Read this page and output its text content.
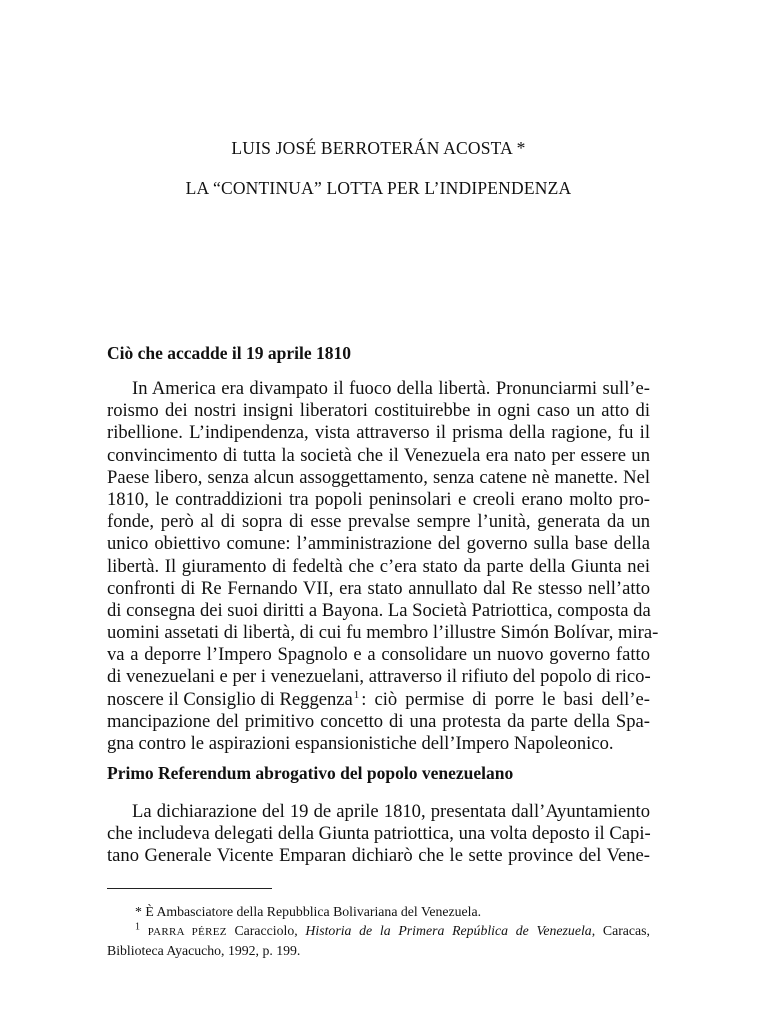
LUIS JOSÉ BERROTERÁN ACOSTA *
LA “CONTINUA” LOTTA PER L’INDIPENDENZA
Ciò che accadde il 19 aprile 1810
In America era divampato il fuoco della libertà. Pronunciarmi sull’e-
roismo dei nostri insigni liberatori costituirebbe in ogni caso un atto di
ribellione. L’indipendenza, vista attraverso il prisma della ragione, fu il
convincimento di tutta la società che il Venezuela era nato per essere un
Paese libero, senza alcun assoggettamento, senza catene nè manette. Nel
1810, le contraddizioni tra popoli peninsolari e creoli erano molto pro-
fonde, però al di sopra di esse prevalse sempre l’unità, generata da un
unico obiettivo comune: l’amministrazione del governo sulla base della
libertà. Il giuramento di fedeltà che c’era stato da parte della Giunta nei
confronti di Re Fernando VII, era stato annullato dal Re stesso nell’atto
di consegna dei suoi diritti a Bayona. La Società Patriottica, composta da
uomini assetati di libertà, di cui fu membro l’illustre Simón Bolívar, mira-
va a deporre l’Impero Spagnolo e a consolidare un nuovo governo fatto
di venezuelani e per i venezuelani, attraverso il rifiuto del popolo di rico-
noscere il Consiglio di Reggenza $^1$ : ciò permise di porre le basi dell’e-
mancipazione del primitivo concetto di una protesta da parte della Spa-
gna contro le aspirazioni espansionistiche dell’Impero Napoleonico.
Primo Referendum abrogativo del popolo venezuelano
La dichiarazione del 19 de aprile 1810, presentata dall’Ayuntamiento
che includeva delegati della Giunta patriottica, una volta deposto il Capi-
tano Generale Vicente Emparan dichiarò che le sette province del Vene-
* È Ambasciatore della Repubblica Bolivariana del Venezuela.
$^1$ PARRA PÉREZ Caracciolo, Historia de la Primera República de Venezuela, Caracas,
Biblioteca Ayacucho, 1992, p. 199.
